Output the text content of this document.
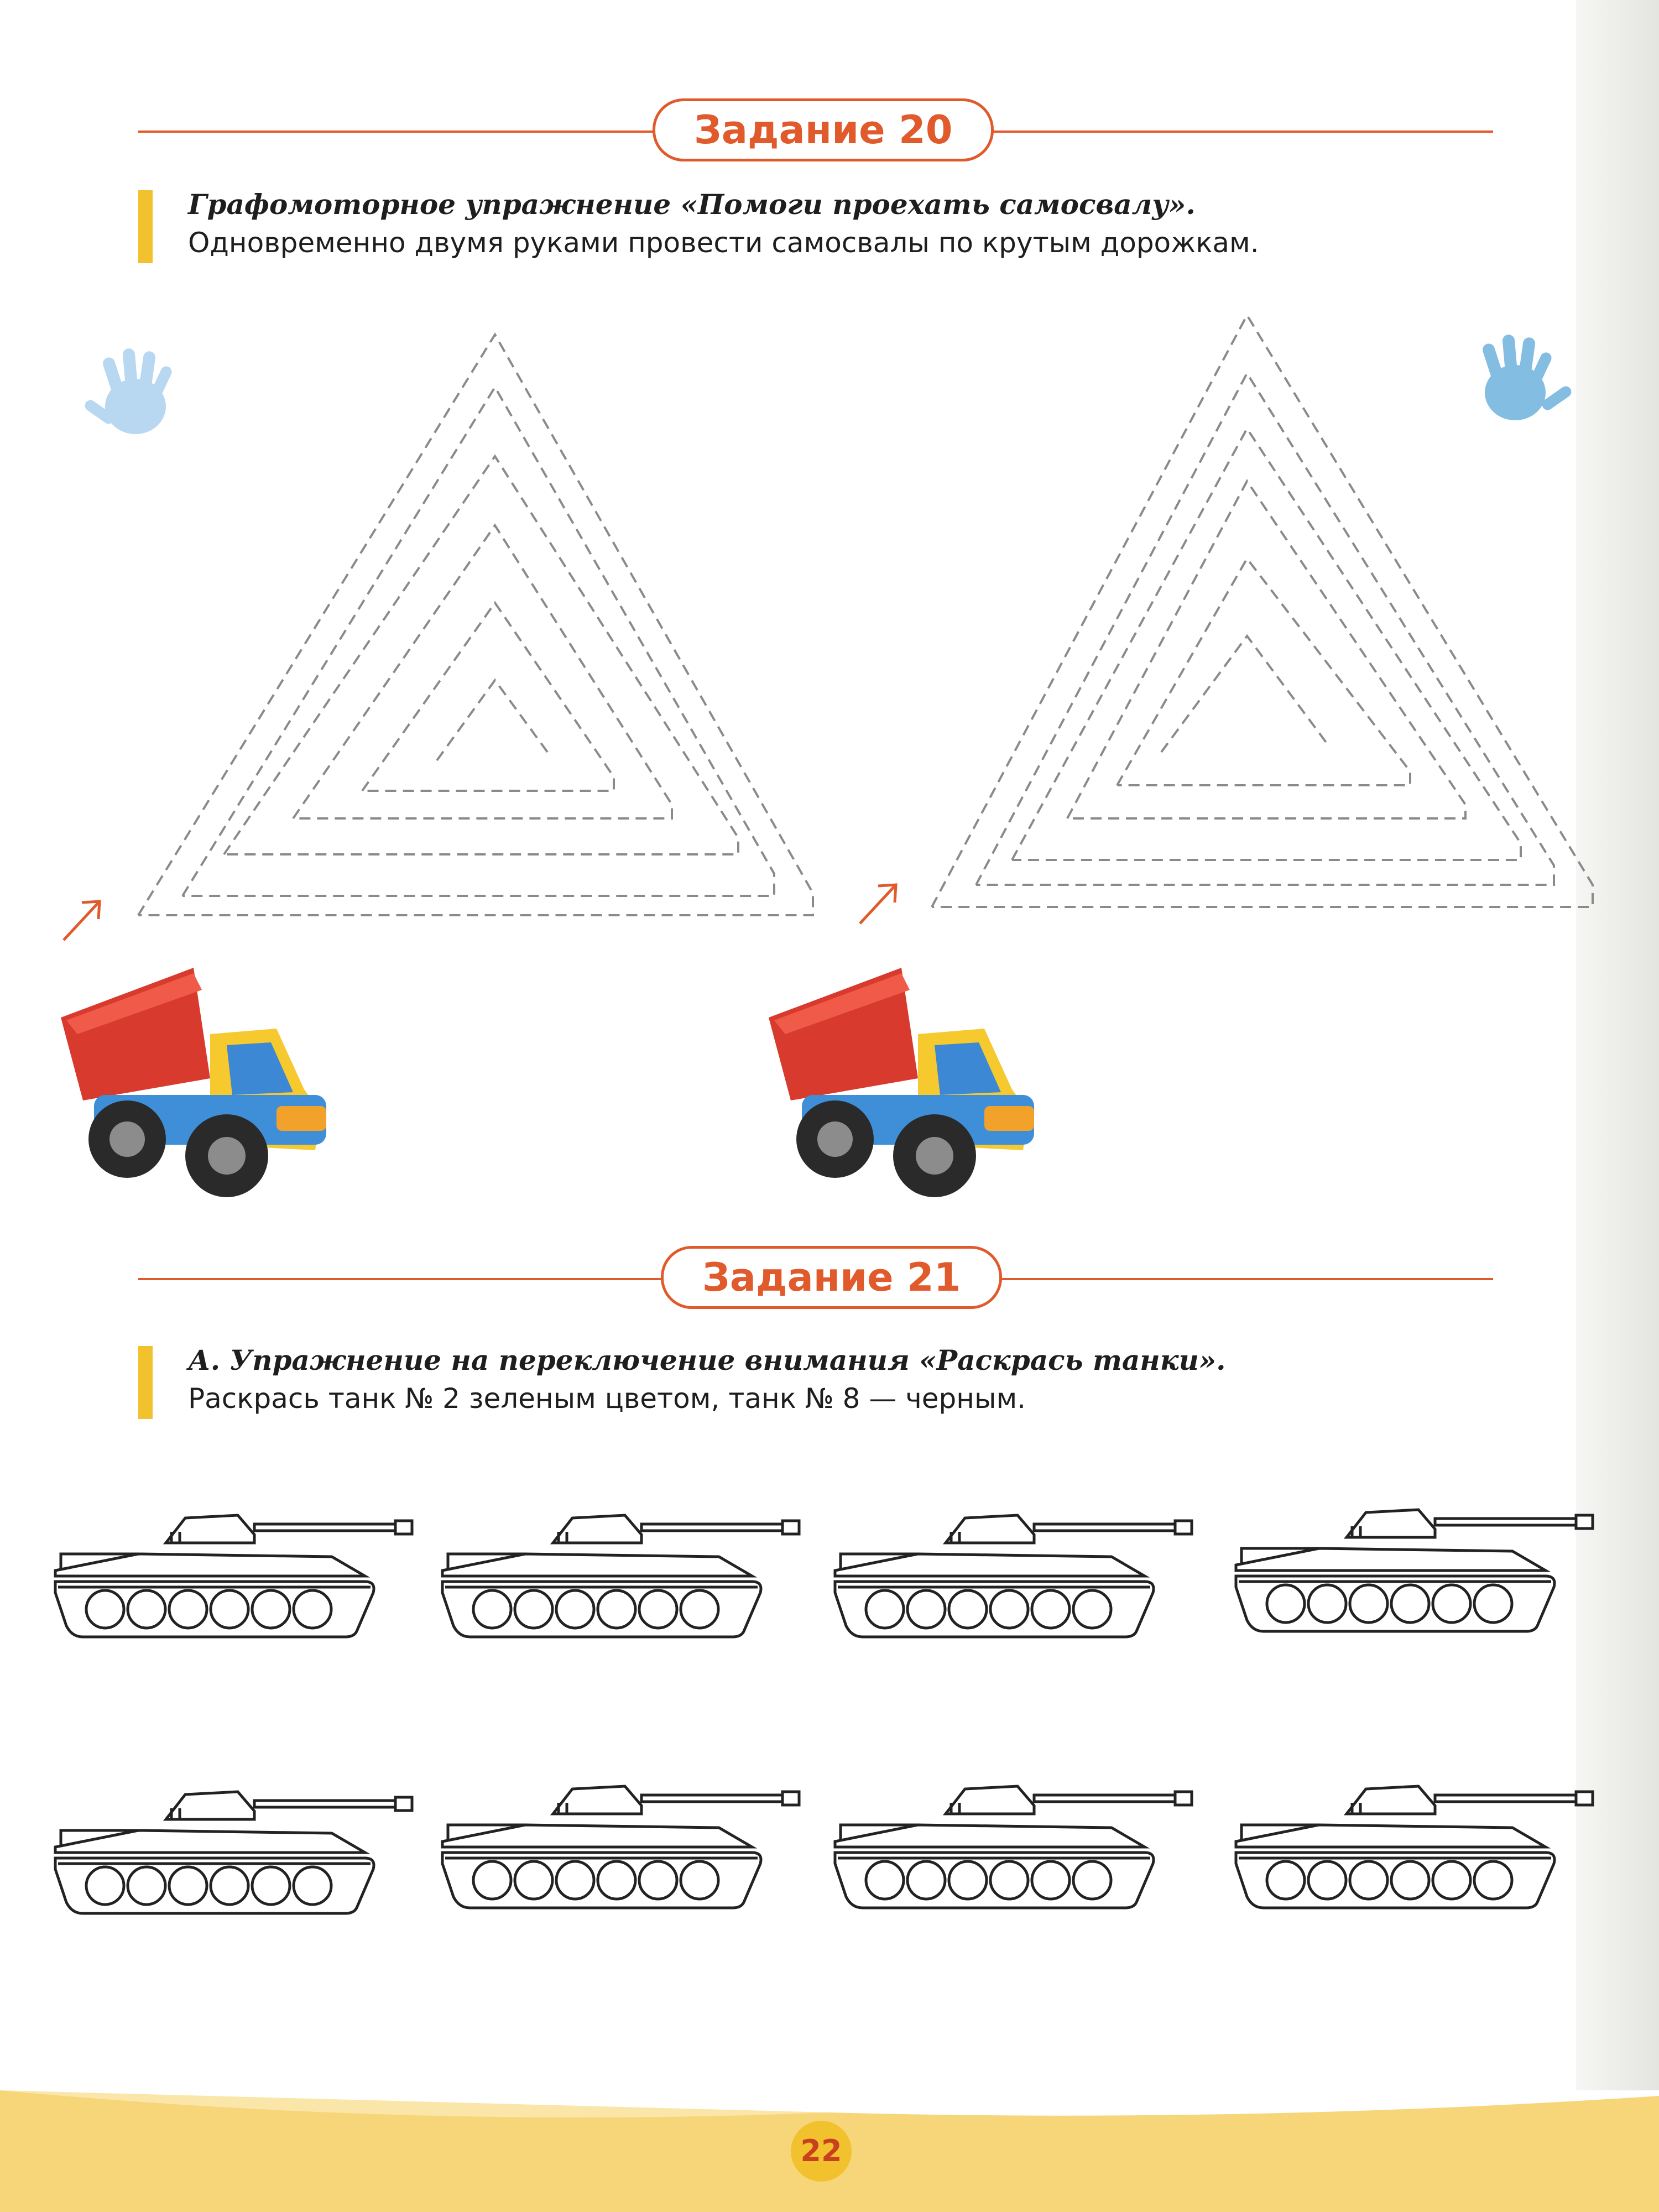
Задание 20
Графомоторное упражнение «Помоги проехать самосвалу».
Одновременно двумя руками провести самосвалы по крутым дорожкам.
Задание 21
А. Упражнение на переключение внимания «Раскрась танки».
Раскрась танк № 2 зеленым цветом, танк № 8 — черным.
22
